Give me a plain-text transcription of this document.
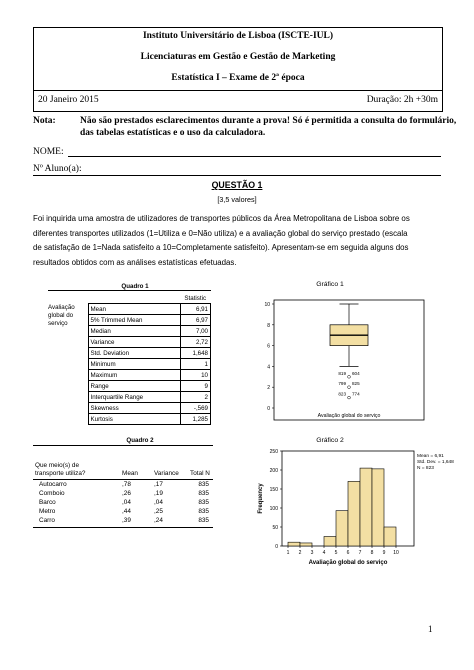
Instituto Universitário de Lisboa (ISCTE-IUL)
Licenciaturas em Gestão e Gestão de Marketing
Estatística I – Exame de 2ª época
20 Janeiro 2015	Duração: 2h +30m
Nota:	Não são prestados esclarecimentos durante a prova! Só é permitida a consulta do formulário,
das tabelas estatísticas e o uso da calculadora.
NOME:
Nº Aluno(a):
QUESTÃO 1
[3,5 valores]
Foi inquirida uma amostra de utilizadores de transportes públicos da Área Metropolitana de Lisboa sobre os
diferentes transportes utilizados (1=Utiliza e 0=Não utiliza) e a avaliação global do serviço prestado (escala
de satisfação de 1=Nada satisfeito a 10=Completamente satisfeito). Apresentam-se em seguida alguns dos
resultados obtidos com as análises estatísticas efetuadas.
Quadro 1
		Statistic
Avaliação global do serviço	Mean	6,91
	5% Trimmed Mean	6,97
	Median	7,00
	Variance	2,72
	Std. Deviation	1,648
	Minimum	1
	Maximum	10
	Range	9
	Interquartile Range	2
	Skewness	-,569
	Kurtosis	1,285
Quadro 2
Que meio(s) de
transporte utiliza?	Mean	Variance Total N
Autocarro	,78	,17	835
Comboio	,26	,19	835
Barco	,04	,04	835
Metro	,44	,25	835
Carro	,39	,24	835
Gráfico 1
0
2
4
6
8
10
819 604
799 825
823 774
Avaliação global do serviço
Gráfico 2
0
50
100
150
200
250
1 2 3 4 5 6 7 8 9 10
Avaliação global do serviço
Frequency
Mean = 6,91
Std. Dev. = 1,648
N = 823
1
